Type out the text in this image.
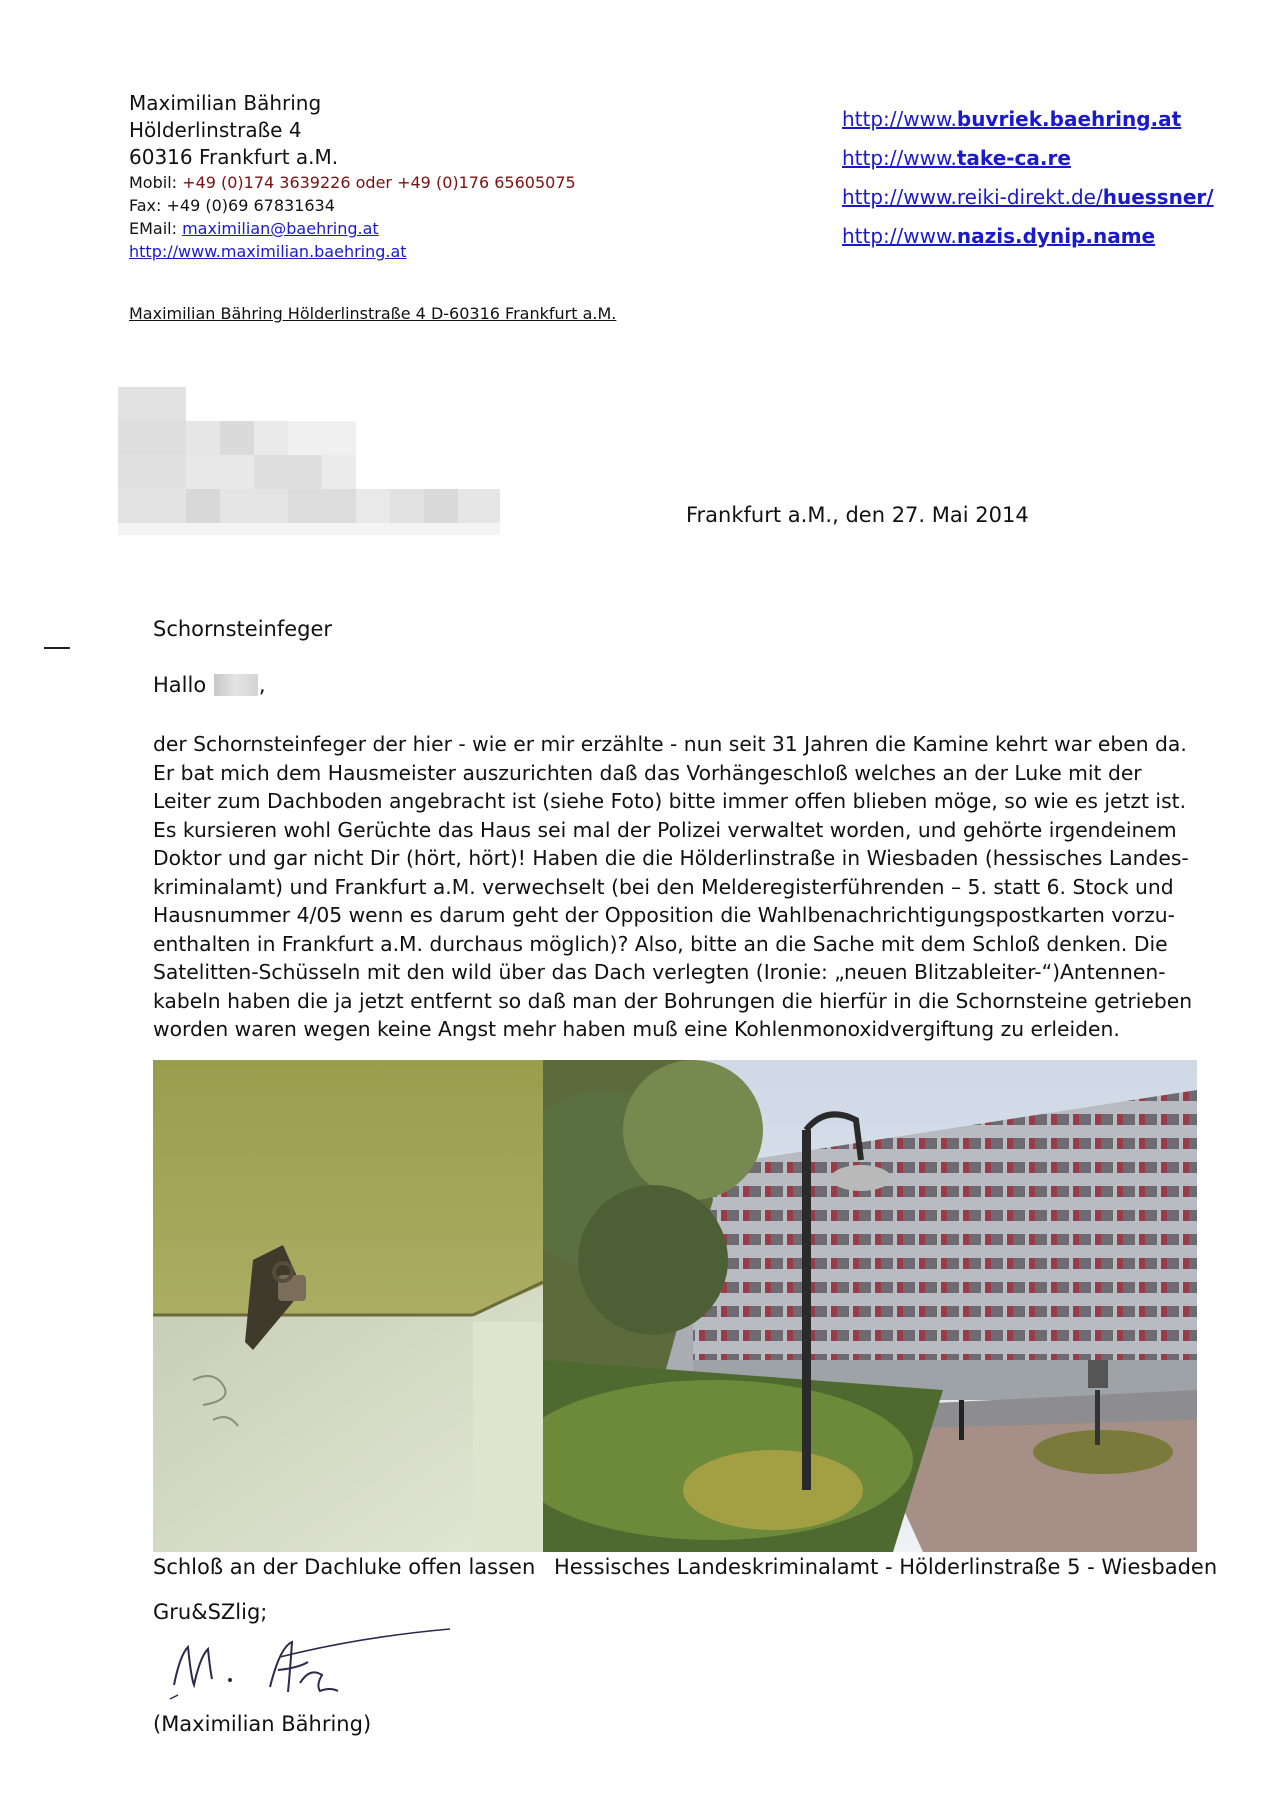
Maximilian Bähring
Hölderlinstraße 4
60316 Frankfurt a.M.
Mobil: +49 (0)174 3639226 oder +49 (0)176 65605075
Fax: +49 (0)69 67831634
EMail: maximilian@baehring.at
http://www.maximilian.baehring.at
http://www.buvriek.baehring.at
http://www.take-ca.re
http://www.reiki-direkt.de/huessner/
http://www.nazis.dynip.name
Maximilian Bähring Hölderlinstraße 4 D-60316 Frankfurt a.M.
Frankfurt a.M., den 27. Mai 2014
Schornsteinfeger
Hallo ,

der Schornsteinfeger der hier - wie er mir erzählte - nun seit 31 Jahren die Kamine kehrt war eben da. Er bat mich dem Hausmeister auszurichten daß das Vorhängeschloß welches an der Luke mit der Leiter zum Dachboden angebracht ist (siehe Foto) bitte immer offen blieben möge, so wie es jetzt ist. Es kursieren wohl Gerüchte das Haus sei mal der Polizei verwaltet worden, und gehörte irgendeinem Doktor und gar nicht Dir (hört, hört)! Haben die die Hölderlinstraße in Wiesbaden (hessisches Landes-kriminalamt) und Frankfurt a.M. verwechselt (bei den Melderegisterführenden – 5. statt 6. Stock und Hausnummer 4/05 wenn es darum geht der Opposition die Wahlbenachrichtigungspostkarten vorzu-enthalten in Frankfurt a.M. durchaus möglich)? Also, bitte an die Sache mit dem Schloß denken. Die Satelitten-Schüsseln mit den wild über das Dach verlegten (Ironie: „neuen Blitzableiter-“)Antennen-kabeln haben die ja jetzt entfernt so daß man der Bohrungen die hierfür in die Schornsteine getrieben worden waren wegen keine Angst mehr haben muß eine Kohlenmonoxidvergiftung zu erleiden.

Schloß an der Dachluke offen lassen Hessisches Landeskriminalamt - Hölderlinstraße 5 - Wiesbaden
Gru&SZlig;
(Maximilian Bähring)
